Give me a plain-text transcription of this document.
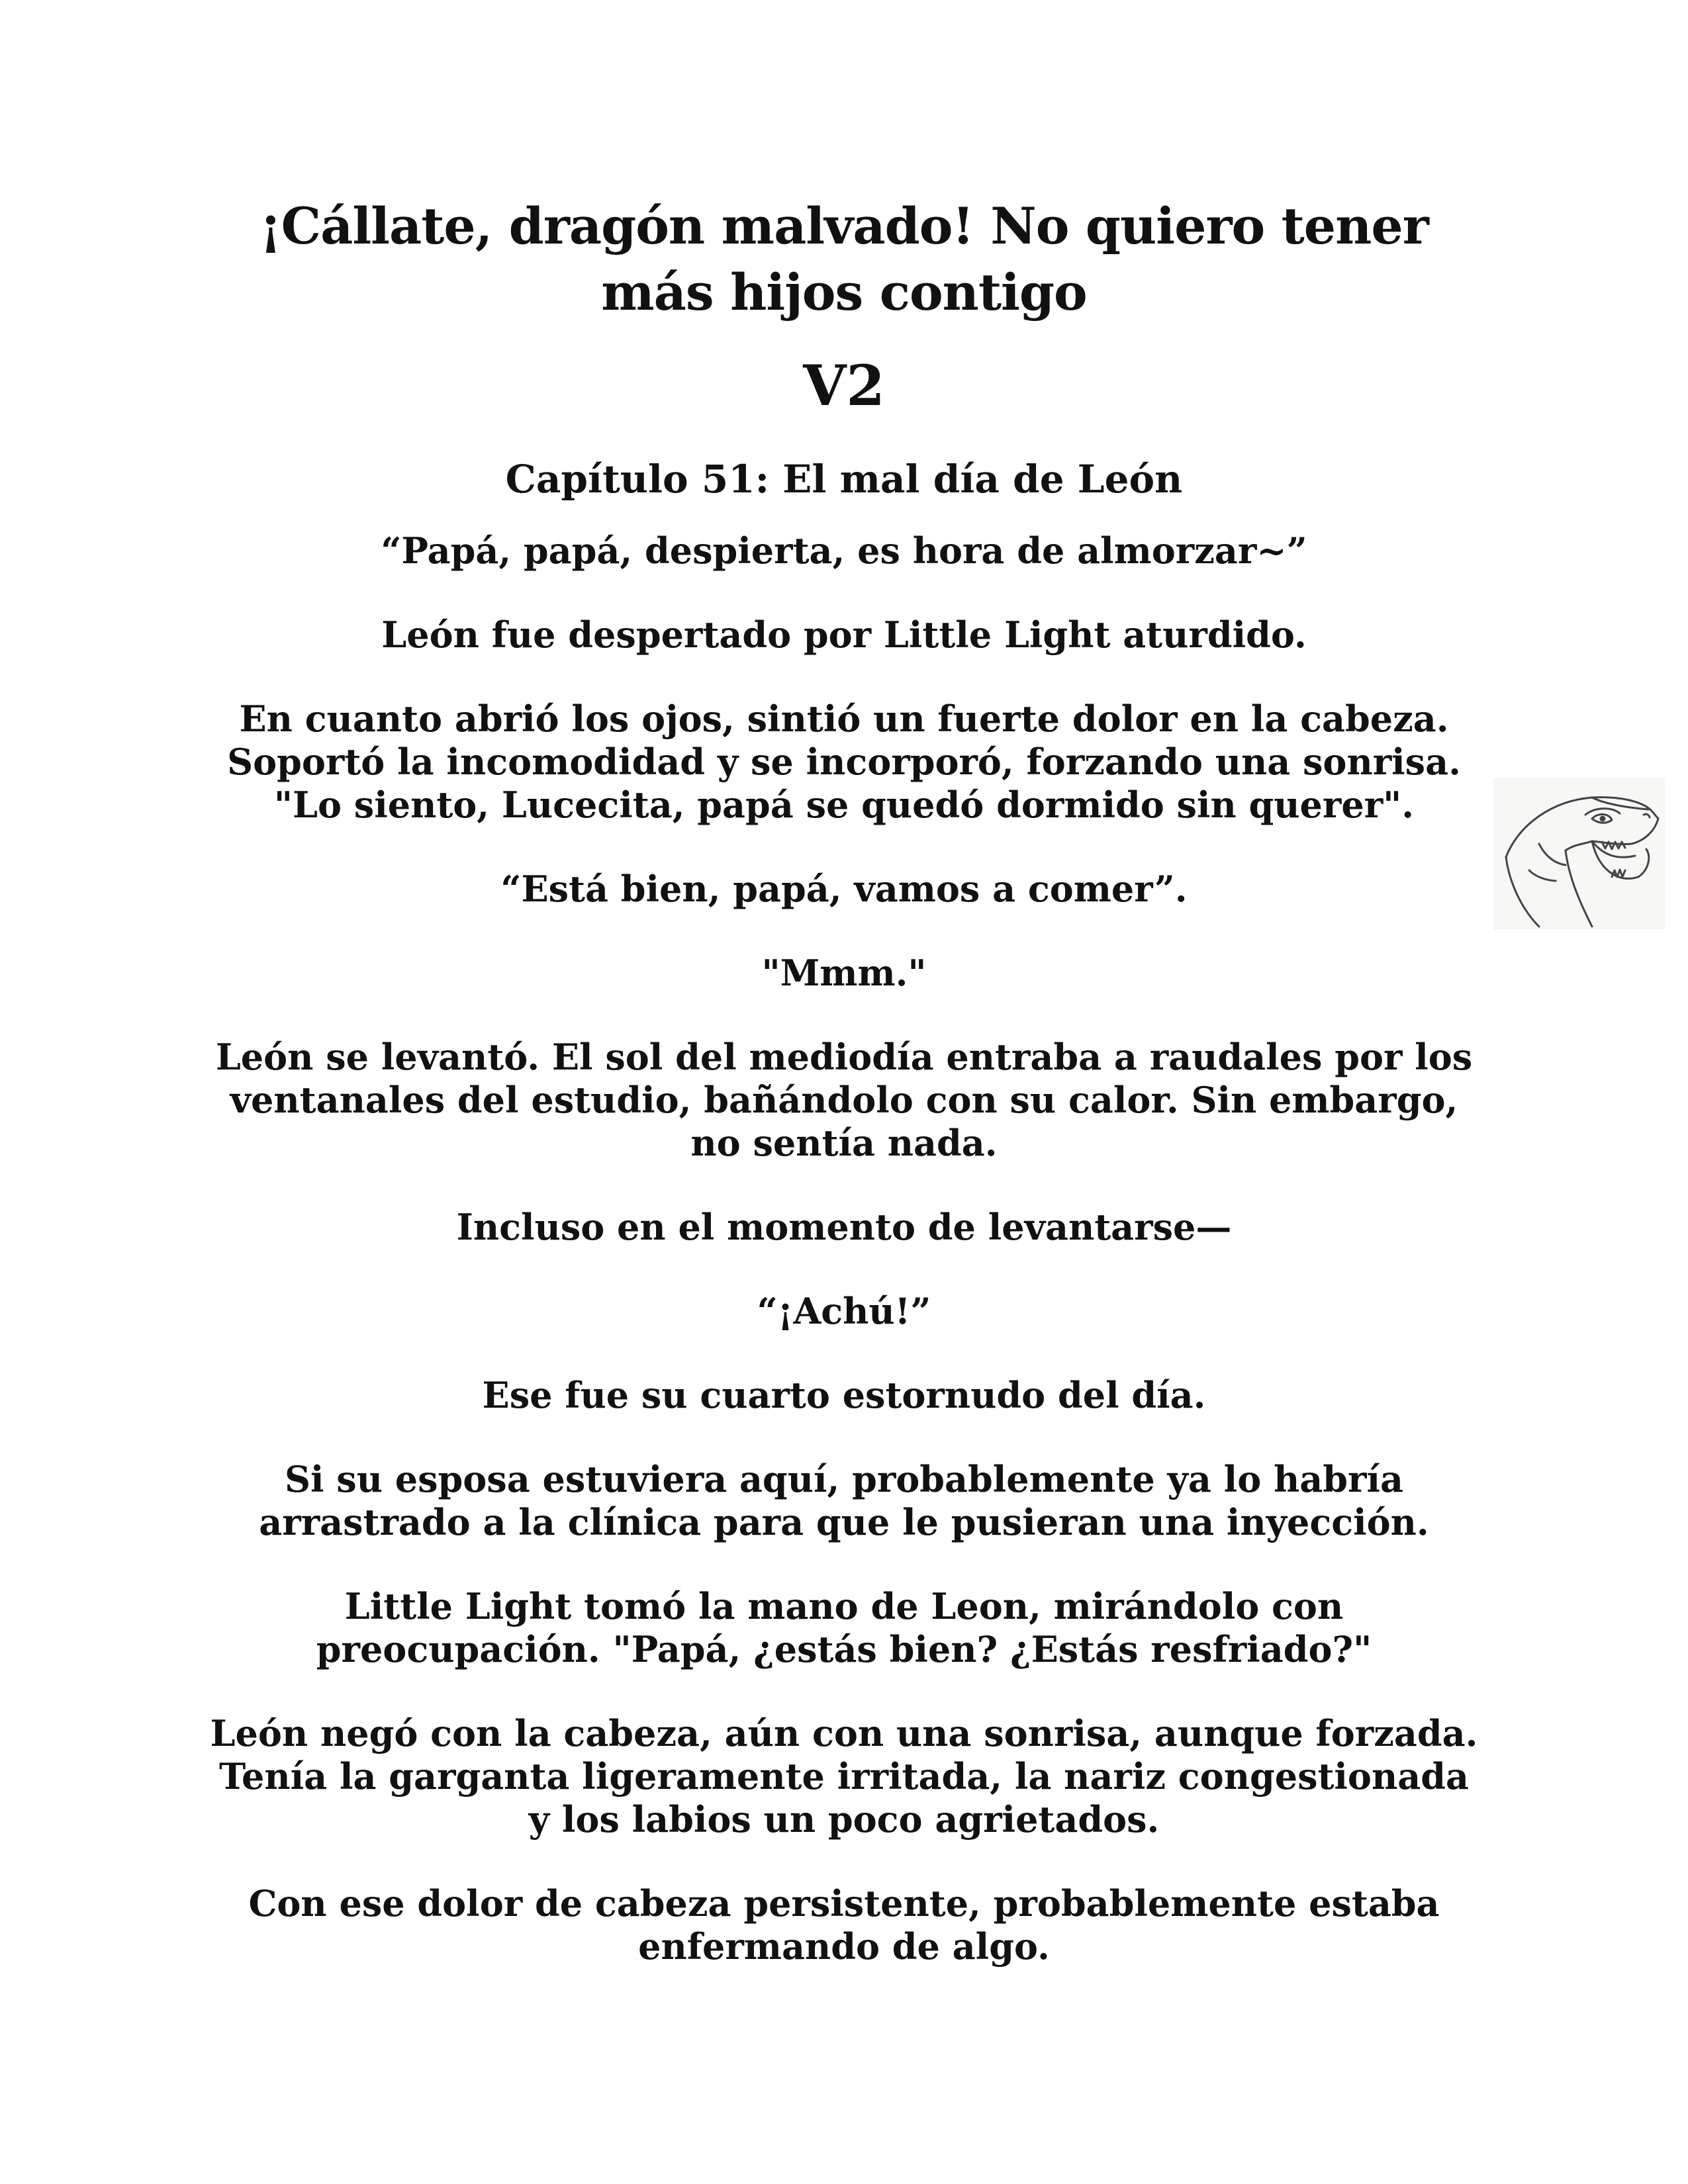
¡Cállate, dragón malvado! No quiero tener
más hijos contigo
V2
Capítulo 51: El mal día de León

“Papá, papá, despierta, es hora de almorzar~”

León fue despertado por Little Light aturdido.

En cuanto abrió los ojos, sintió un fuerte dolor en la cabeza.
Soportó la incomodidad y se incorporó, forzando una sonrisa.
"Lo siento, Lucecita, papá se quedó dormido sin querer".

“Está bien, papá, vamos a comer”.

"Mmm."

León se levantó. El sol del mediodía entraba a raudales por los
ventanales del estudio, bañándolo con su calor. Sin embargo,
no sentía nada.

Incluso en el momento de levantarse—

“¡Achú!”

Ese fue su cuarto estornudo del día.

Si su esposa estuviera aquí, probablemente ya lo habría
arrastrado a la clínica para que le pusieran una inyección.

Little Light tomó la mano de Leon, mirándolo con
preocupación. "Papá, ¿estás bien? ¿Estás resfriado?"

León negó con la cabeza, aún con una sonrisa, aunque forzada.
Tenía la garganta ligeramente irritada, la nariz congestionada
y los labios un poco agrietados.

Con ese dolor de cabeza persistente, probablemente estaba
enfermando de algo.
